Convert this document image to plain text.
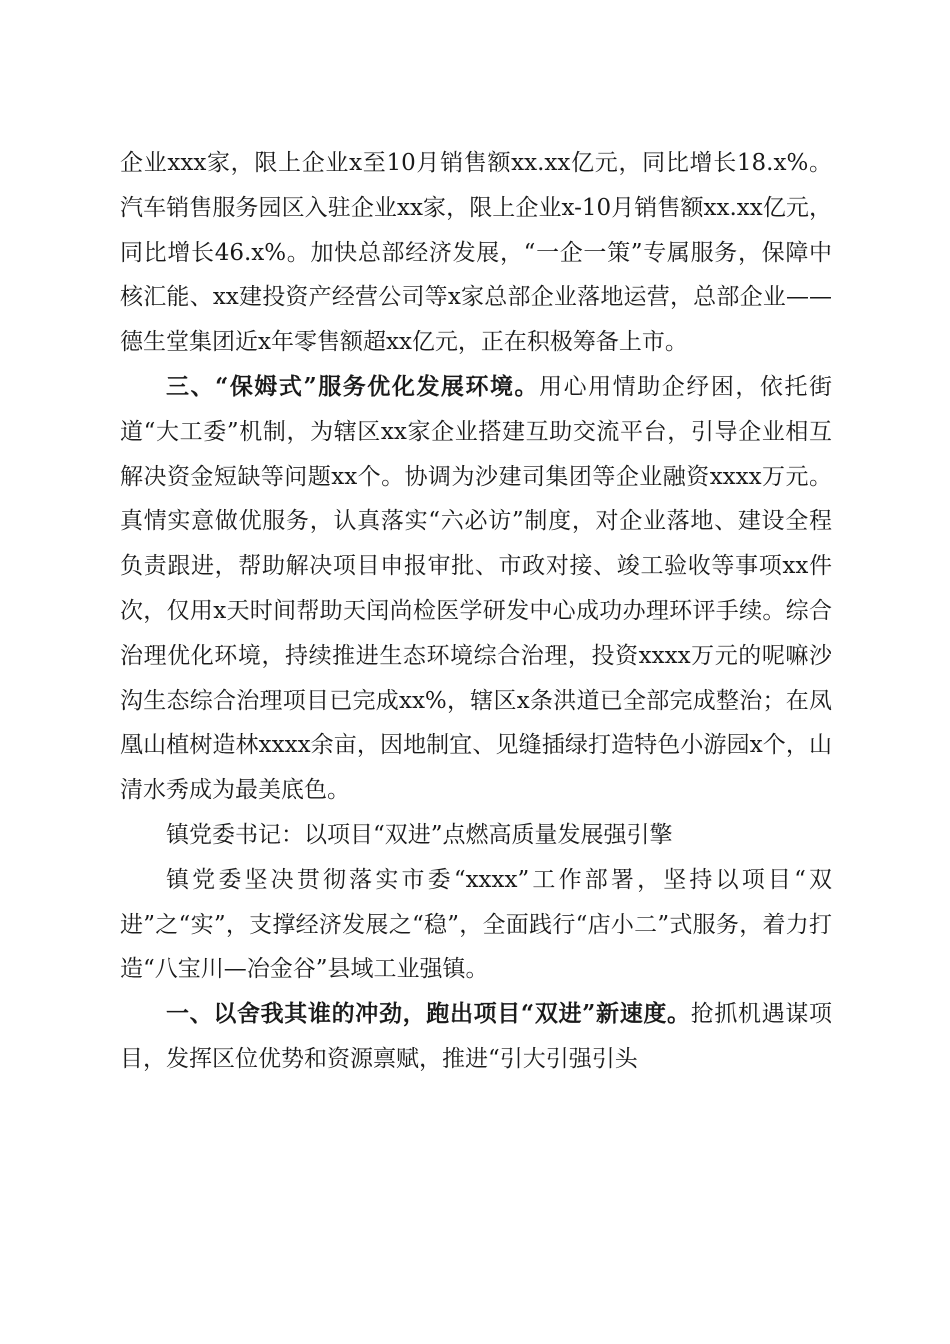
企业xxx家，限上企业x至10月销售额xx.xx亿元，同比增长18.x%。汽车销售服务园区入驻企业xx家，限上企业x-10月销售额xx.xx亿元，同比增长46.x%。加快总部经济发展，“一企一策”专属服务，保障中核汇能、xx建投资产经营公司等x家总部企业落地运营，总部企业——德生堂集团近x年零售额超xx亿元，正在积极筹备上市。

三、“保姆式”服务优化发展环境。用心用情助企纾困，依托街道“大工委”机制，为辖区xx家企业搭建互助交流平台，引导企业相互解决资金短缺等问题xx个。协调为沙建司集团等企业融资xxxx万元。真情实意做优服务，认真落实“六必访”制度，对企业落地、建设全程负责跟进，帮助解决项目申报审批、市政对接、竣工验收等事项xx件次，仅用x天时间帮助天闰尚检医学研发中心成功办理环评手续。综合治理优化环境，持续推进生态环境综合治理，投资xxxx万元的呢嘛沙沟生态综合治理项目已完成xx%，辖区x条洪道已全部完成整治；在凤凰山植树造林xxxx余亩，因地制宜、见缝插绿打造特色小游园x个，山清水秀成为最美底色。

镇党委书记：以项目“双进”点燃高质量发展强引擎

镇党委坚决贯彻落实市委“xxxx”工作部署，坚持以项目“双进”之“实”，支撑经济发展之“稳”，全面践行“店小二”式服务，着力打造“八宝川—冶金谷”县域工业强镇。

一、以舍我其谁的冲劲，跑出项目“双进”新速度。抢抓机遇谋项目，发挥区位优势和资源禀赋，推进“引大引强引头
